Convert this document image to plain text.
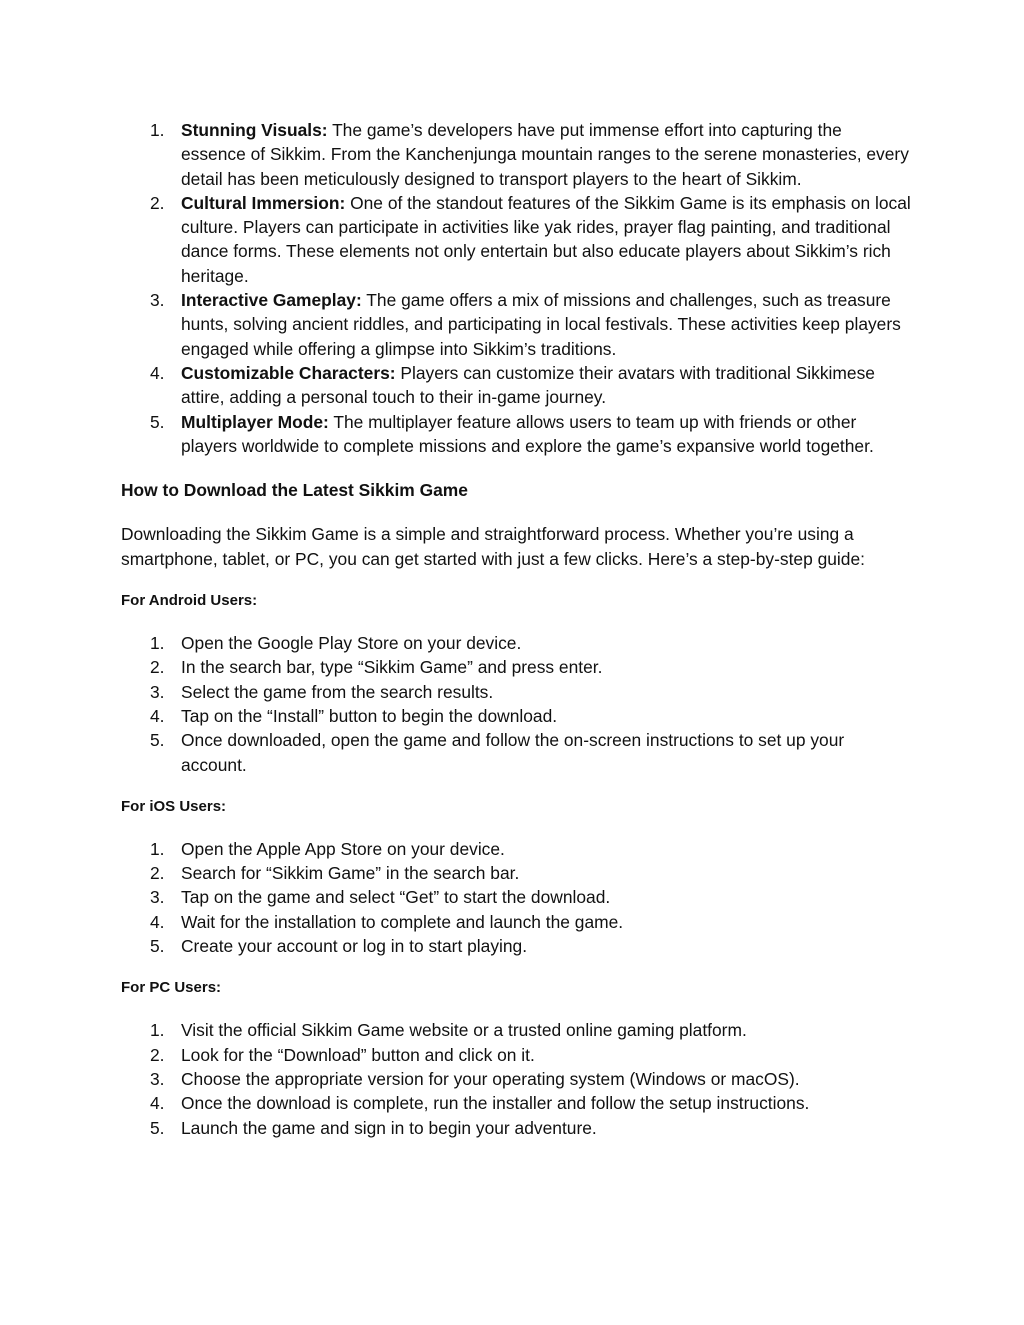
1. Stunning Visuals: The game’s developers have put immense effort into capturing the essence of Sikkim. From the Kanchenjunga mountain ranges to the serene monasteries, every detail has been meticulously designed to transport players to the heart of Sikkim.
2. Cultural Immersion: One of the standout features of the Sikkim Game is its emphasis on local culture. Players can participate in activities like yak rides, prayer flag painting, and traditional dance forms. These elements not only entertain but also educate players about Sikkim’s rich heritage.
3. Interactive Gameplay: The game offers a mix of missions and challenges, such as treasure hunts, solving ancient riddles, and participating in local festivals. These activities keep players engaged while offering a glimpse into Sikkim’s traditions.
4. Customizable Characters: Players can customize their avatars with traditional Sikkimese attire, adding a personal touch to their in-game journey.
5. Multiplayer Mode: The multiplayer feature allows users to team up with friends or other players worldwide to complete missions and explore the game’s expansive world together.
How to Download the Latest Sikkim Game

Downloading the Sikkim Game is a simple and straightforward process. Whether you’re using a smartphone, tablet, or PC, you can get started with just a few clicks. Here’s a step-by-step guide:

For Android Users:
1. Open the Google Play Store on your device.
2. In the search bar, type “Sikkim Game” and press enter.
3. Select the game from the search results.
4. Tap on the “Install” button to begin the download.
5. Once downloaded, open the game and follow the on-screen instructions to set up your account.
For iOS Users:
1. Open the Apple App Store on your device.
2. Search for “Sikkim Game” in the search bar.
3. Tap on the game and select “Get” to start the download.
4. Wait for the installation to complete and launch the game.
5. Create your account or log in to start playing.
For PC Users:
1. Visit the official Sikkim Game website or a trusted online gaming platform.
2. Look for the “Download” button and click on it.
3. Choose the appropriate version for your operating system (Windows or macOS).
4. Once the download is complete, run the installer and follow the setup instructions.
5. Launch the game and sign in to begin your adventure.
